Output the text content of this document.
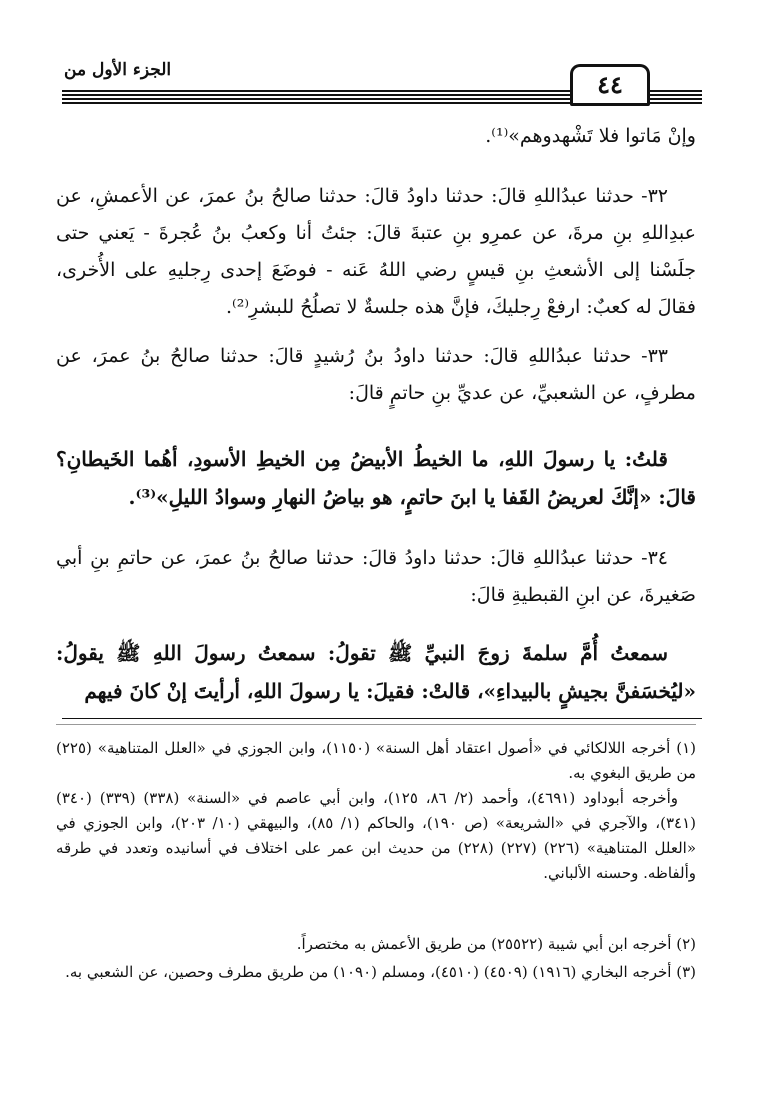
الجزء الأول من	٤٤
وإنْ مَاتوا فلا تَشْهدوهم»⁽¹⁾.
٣٢- حدثنا عبدُاللهِ قالَ: حدثنا داودُ قالَ: حدثنا صالحُ بنُ عمرَ، عن الأعمشِ، عن عبدِاللهِ بنِ مرةَ، عن عمرِو بنِ عتبةَ قالَ: جئتُ أنا وكعبُ بنُ عُجرةَ - يَعني حتى جلَسْنا إلى الأشعثِ بنِ قيسٍ رضي اللهُ عَنه - فوضَعَ إحدى رِجليهِ على الأُخرى، فقالَ له كعبٌ: ارفعْ رِجليكَ، فإنَّ هذه جلسةٌ لا تصلُحُ للبشرِ⁽²⁾.
٣٣- حدثنا عبدُاللهِ قالَ: حدثنا داودُ بنُ رُشيدٍ قالَ: حدثنا صالحُ بنُ عمرَ، عن مطرفٍ، عن الشعبيِّ، عن عديِّ بنِ حاتمٍ قالَ:
قلتُ: يا رسولَ اللهِ، ما الخيطُ الأبيضُ مِن الخيطِ الأسودِ، أهُما الخَيطانِ؟ قالَ: «إنَّكَ لعريضُ القَفا يا ابنَ حاتمٍ، هو بياضُ النهارِ وسوادُ الليلِ»⁽³⁾.
٣٤- حدثنا عبدُاللهِ قالَ: حدثنا داودُ قالَ: حدثنا صالحُ بنُ عمرَ، عن حاتمِ بنِ أبي صَغيرةَ، عن ابنِ القبطيةِ قالَ:
سمعتُ أُمَّ سلمةَ زوجَ النبيِّ ﷺ تقولُ: سمعتُ رسولَ اللهِ ﷺ يقولُ: «ليُخسَفنَّ بجيشٍ بالبيداءِ»، قالتْ: فقيلَ: يا رسولَ اللهِ، أرأيتَ إنْ كانَ فيهم
(١) أخرجه اللالكائي في «أصول اعتقاد أهل السنة» (١١٥٠)، وابن الجوزي في «العلل المتناهية» (٢٢٥) من طريق البغوي به.
وأخرجه أبوداود (٤٦٩١)، وأحمد (٢/ ٨٦، ١٢٥)، وابن أبي عاصم في «السنة» (٣٣٨) (٣٣٩) (٣٤٠) (٣٤١)، والآجري في «الشريعة» (ص ١٩٠)، والحاكم (١/ ٨٥)، والبيهقي (١٠/ ٢٠٣)، وابن الجوزي في «العلل المتناهية» (٢٢٦) (٢٢٧) (٢٢٨) من حديث ابن عمر على اختلاف في أسانيده وتعدد في طرقه وألفاظه. وحسنه الألباني.
(٢) أخرجه ابن أبي شيبة (٢٥٥٢٢) من طريق الأعمش به مختصراً.
(٣) أخرجه البخاري (١٩١٦) (٤٥٠٩) (٤٥١٠)، ومسلم (١٠٩٠) من طريق مطرف وحصين، عن الشعبي به.
